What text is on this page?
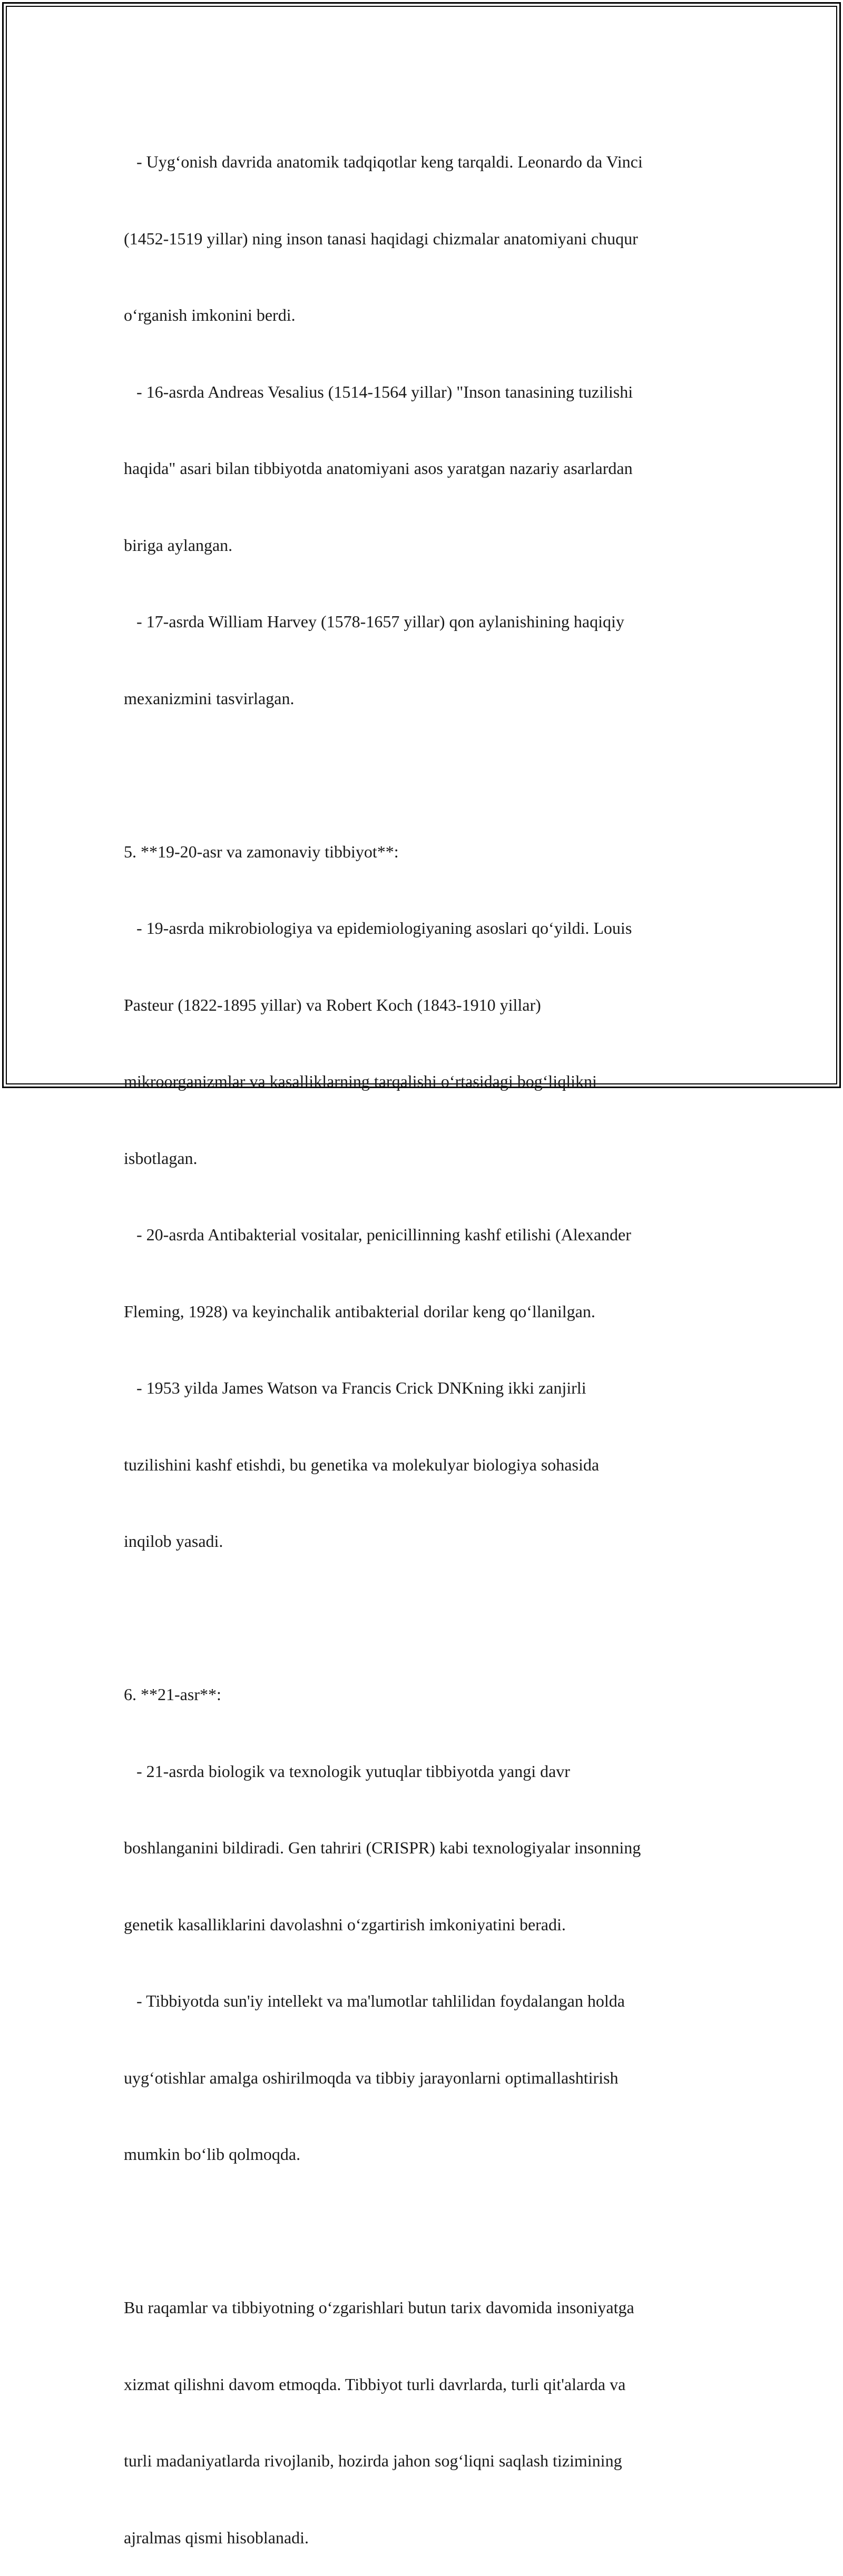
- Uyg‘onish davrida anatomik tadqiqotlar keng tarqaldi. Leonardo da Vinci

(1452-1519 yillar) ning inson tanasi haqidagi chizmalar anatomiyani chuqur

o‘rganish imkonini berdi.

- 16-asrda Andreas Vesalius (1514-1564 yillar) "Inson tanasining tuzilishi

haqida" asari bilan tibbiyotda anatomiyani asos yaratgan nazariy asarlardan

biriga aylangan.

- 17-asrda William Harvey (1578-1657 yillar) qon aylanishining haqiqiy

mexanizmini tasvirlagan.

5. **19-20-asr va zamonaviy tibbiyot**:

- 19-asrda mikrobiologiya va epidemiologiyaning asoslari qo‘yildi. Louis

Pasteur (1822-1895 yillar) va Robert Koch (1843-1910 yillar)

mikroorganizmlar va kasalliklarning tarqalishi o‘rtasidagi bog‘liqlikni

isbotlagan.

- 20-asrda Antibakterial vositalar, penicillinning kashf etilishi (Alexander

Fleming, 1928) va keyinchalik antibakterial dorilar keng qo‘llanilgan.

- 1953 yilda James Watson va Francis Crick DNKning ikki zanjirli

tuzilishini kashf etishdi, bu genetika va molekulyar biologiya sohasida

inqilob yasadi.

6. **21-asr**:

- 21-asrda biologik va texnologik yutuqlar tibbiyotda yangi davr

boshlanganini bildiradi. Gen tahriri (CRISPR) kabi texnologiyalar insonning

genetik kasalliklarini davolashni o‘zgartirish imkoniyatini beradi.

- Tibbiyotda sun'iy intellekt va ma'lumotlar tahlilidan foydalangan holda

uyg‘otishlar amalga oshirilmoqda va tibbiy jarayonlarni optimallashtirish

mumkin bo‘lib qolmoqda.

Bu raqamlar va tibbiyotning o‘zgarishlari butun tarix davomida insoniyatga

xizmat qilishni davom etmoqda. Tibbiyot turli davrlarda, turli qit'alarda va

turli madaniyatlarda rivojlanib, hozirda jahon sog‘liqni saqlash tizimining

ajralmas qismi hisoblanadi.
